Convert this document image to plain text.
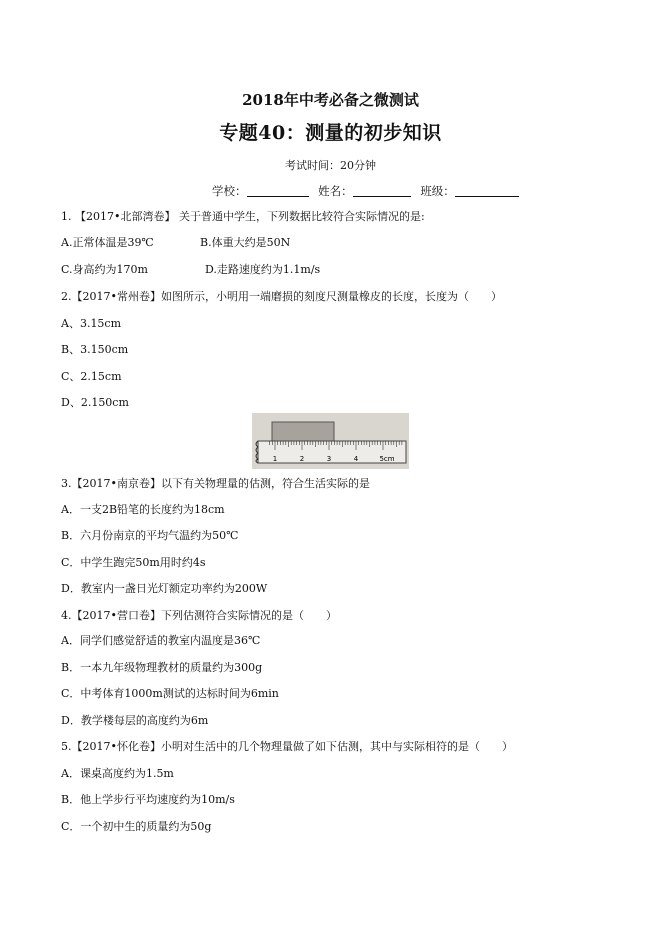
2018年中考必备之微测试
专题40：测量的初步知识
考试时间：20分钟
学校：	姓名：	班级：
1. 【2017•北部湾卷】 关于普通中学生，下列数据比较符合实际情况的是:
A.正常体温是39℃	B.体重大约是50N
C.身高约为170m	D.走路速度约为1.1m/s
2.【2017•常州卷】如图所示，小明用一端磨损的刻度尺测量橡皮的长度，长度为（　　）
A、3.15cm
B、3.150cm
C、2.15cm
D、2.150cm
1	2	3	4	5cm
3.【2017•南京卷】以下有关物理量的估测，符合生活实际的是
A．一支2B铅笔的长度约为18cm
B．六月份南京的平均气温约为50℃
C．中学生跑完50m用时约4s
D．教室内一盏日光灯额定功率约为200W
4.【2017•营口卷】下列估测符合实际情况的是（　　）
A．同学们感觉舒适的教室内温度是36℃
B．一本九年级物理教材的质量约为300g
C．中考体育1000m测试的达标时间为6min
D．教学楼每层的高度约为6m
5.【2017•怀化卷】小明对生活中的几个物理量做了如下估测，其中与实际相符的是（　　）
A．课桌高度约为1.5m
B．他上学步行平均速度约为10m/s
C．一个初中生的质量约为50g
